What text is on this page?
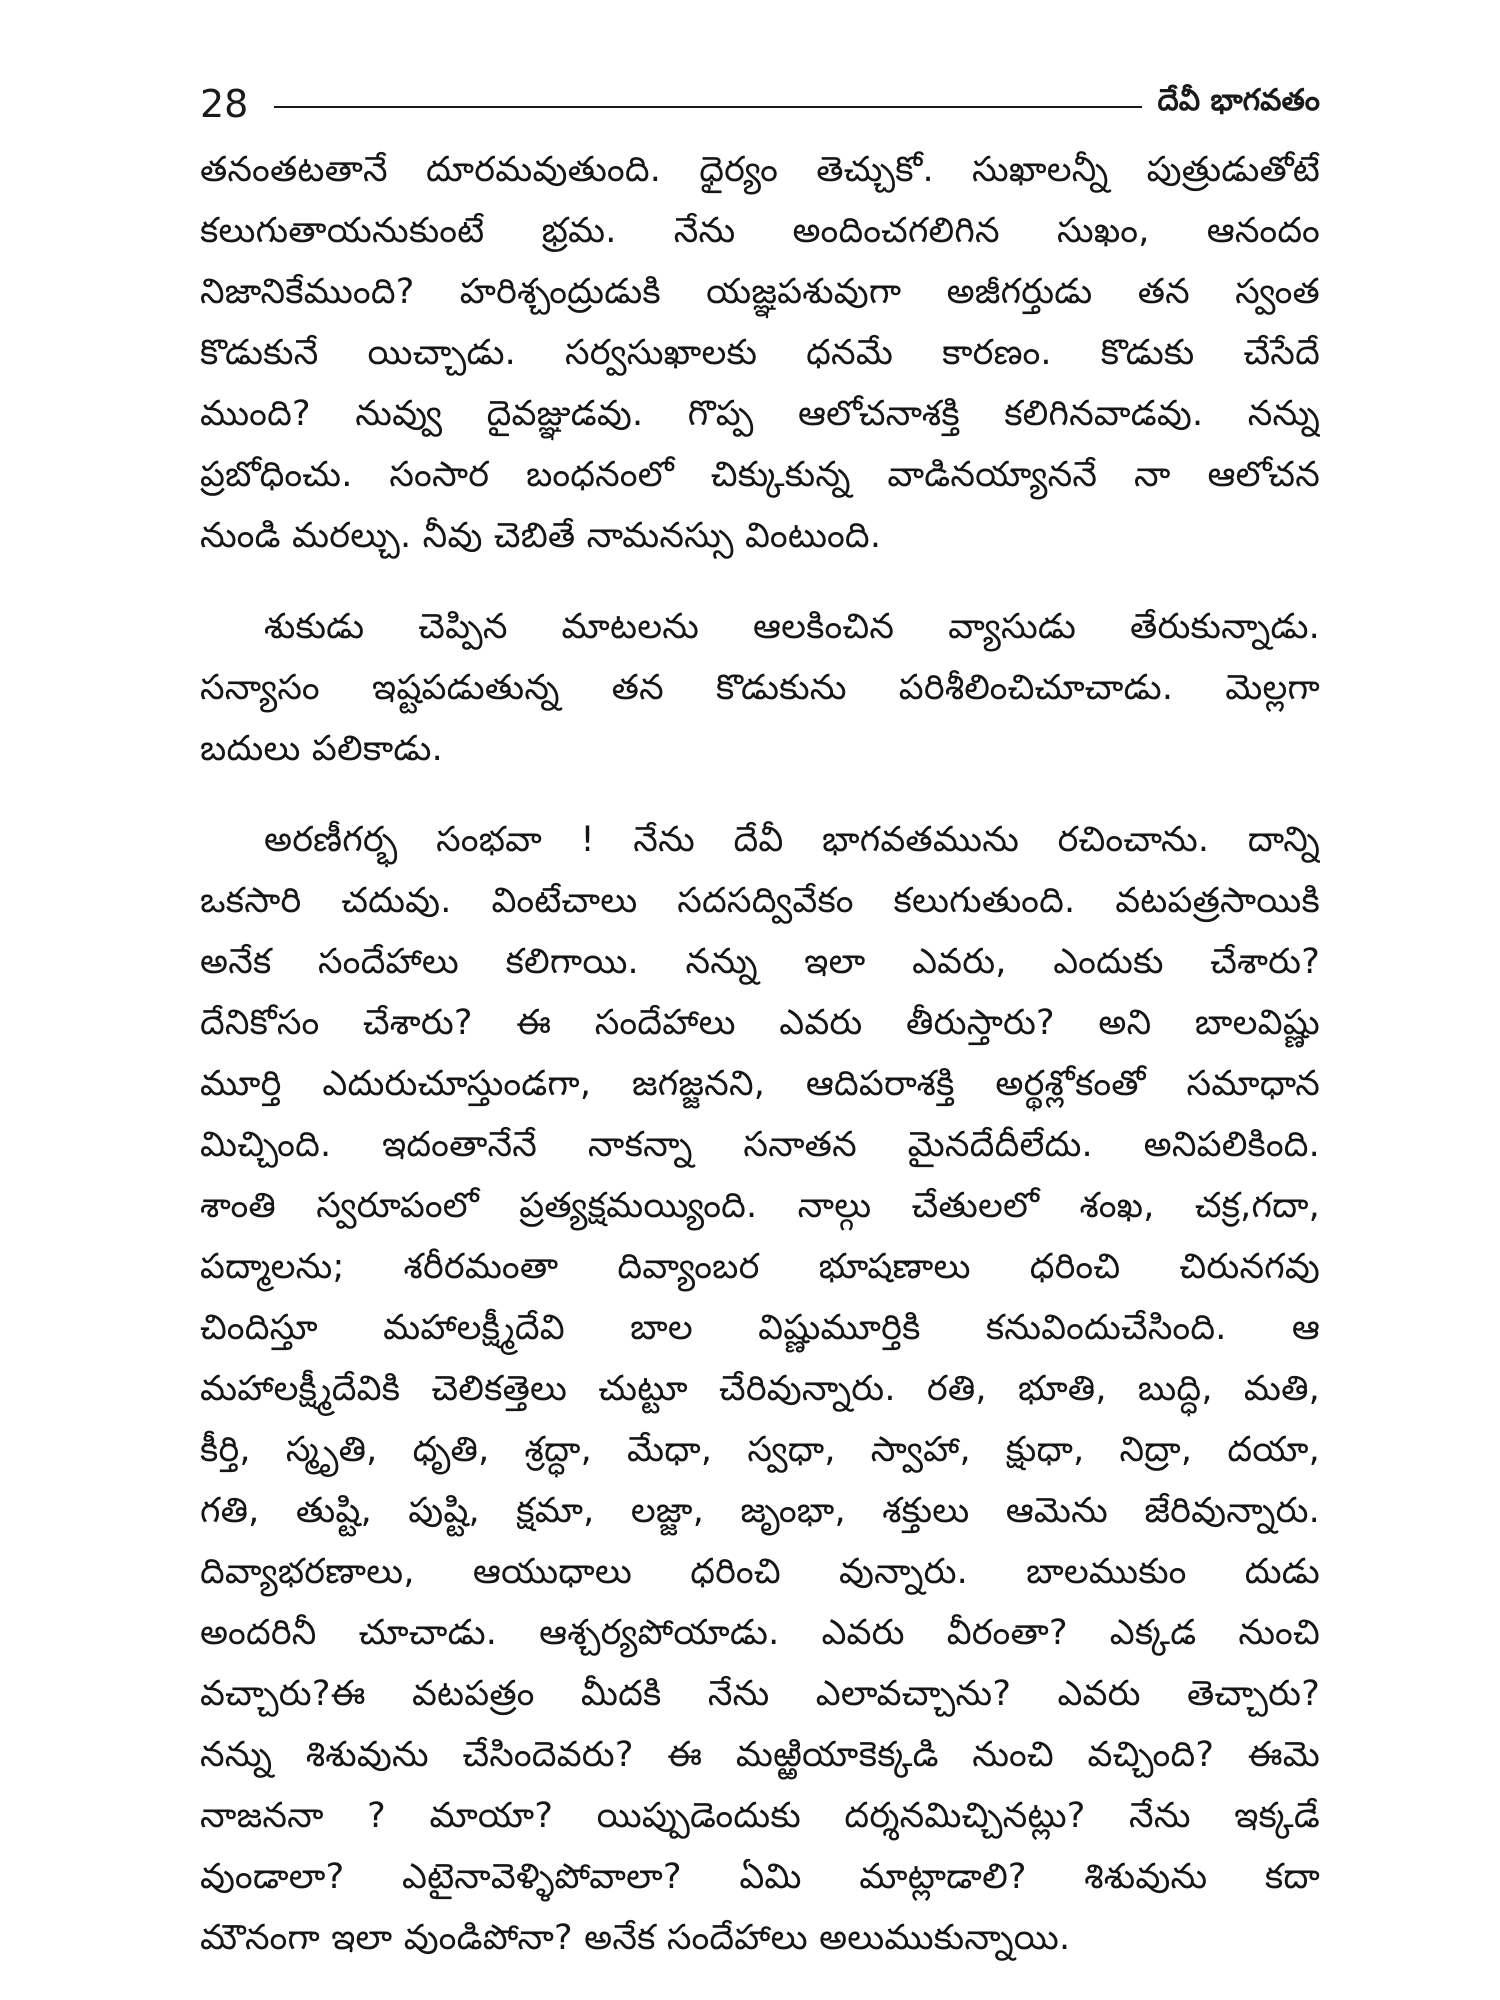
28	దేవీ భాగవతం
తనంతటతానే దూరమవుతుంది. ధైర్యం తెచ్చుకో. సుఖాలన్నీ పుత్రుడుతోటే
కలుగుతాయనుకుంటే భ్రమ. నేను అందించగలిగిన సుఖం, ఆనందం
నిజానికేముంది? హరిశ్చంద్రుడుకి యజ్ఞపశువుగా అజీగర్తుడు తన స్వంత
కొడుకునే యిచ్చాడు. సర్వసుఖాలకు ధనమే కారణం. కొడుకు చేసేదే
ముంది? నువ్వు దైవజ్ఞుడవు. గొప్ప ఆలోచనాశక్తి కలిగినవాడవు. నన్ను
ప్రబోధించు. సంసార బంధనంలో చిక్కుకున్న వాడినయ్యాననే నా ఆలోచన
నుండి మరల్చు. నీవు చెబితే నామనస్సు వింటుంది.
శుకుడు చెప్పిన మాటలను ఆలకించిన వ్యాసుడు తేరుకున్నాడు.
సన్యాసం ఇష్టపడుతున్న తన కొడుకును పరిశీలించిచూచాడు. మెల్లగా
బదులు పలికాడు.
అరణీగర్భ సంభవా ! నేను దేవీ భాగవతమును రచించాను. దాన్ని
ఒకసారి చదువు. వింటేచాలు సదసద్వివేకం కలుగుతుంది. వటపత్రసాయికి
అనేక సందేహాలు కలిగాయి. నన్ను ఇలా ఎవరు, ఎందుకు చేశారు?
దేనికోసం చేశారు? ఈ సందేహాలు ఎవరు తీరుస్తారు? అని బాలవిష్ణు
మూర్తి ఎదురుచూస్తుండగా, జగజ్జనని, ఆదిపరాశక్తి అర్థశ్లోకంతో సమాధాన
మిచ్చింది. ఇదంతానేనే నాకన్నా సనాతన మైనదేదీలేదు. అనిపలికింది.
శాంతి స్వరూపంలో ప్రత్యక్షమయ్యింది. నాల్గు చేతులలో శంఖ, చక్ర,గదా,
పద్మాలను; శరీరమంతా దివ్యాంబర భూషణాలు ధరించి చిరునగవు
చిందిస్తూ మహాలక్ష్మీదేవి బాల విష్ణుమూర్తికి కనువిందుచేసింది. ఆ
మహాలక్ష్మీదేవికి చెలికత్తెలు చుట్టూ చేరివున్నారు. రతి, భూతి, బుద్ధి, మతి,
కీర్తి, స్మృతి, ధృతి, శ్రద్ధా, మేధా, స్వధా, స్వాహా, క్షుధా, నిద్రా, దయా,
గతి, తుష్టి, పుష్టి, క్షమా, లజ్జా, జృంభా, శక్తులు ఆమెను జేరివున్నారు.
దివ్యాభరణాలు, ఆయుధాలు ధరించి వున్నారు. బాలముకుం దుడు
అందరినీ చూచాడు. ఆశ్చర్యపోయాడు. ఎవరు వీరంతా? ఎక్కడ నుంచి
వచ్చారు?ఈ వటపత్రం మీదకి నేను ఎలావచ్చాను? ఎవరు తెచ్చారు?
నన్ను శిశువును చేసిందెవరు? ఈ మఱ్ఱియాకెక్కడి నుంచి వచ్చింది? ఈమె
నాజననా ? మాయా? యిప్పుడెందుకు దర్శనమిచ్చినట్లు? నేను ఇక్కడే
వుండాలా? ఎటైనావెళ్ళిపోవాలా? ఏమి మాట్లాడాలి? శిశువును కదా
మౌనంగా ఇలా వుండిపోనా? అనేక సందేహాలు అలుముకున్నాయి.
